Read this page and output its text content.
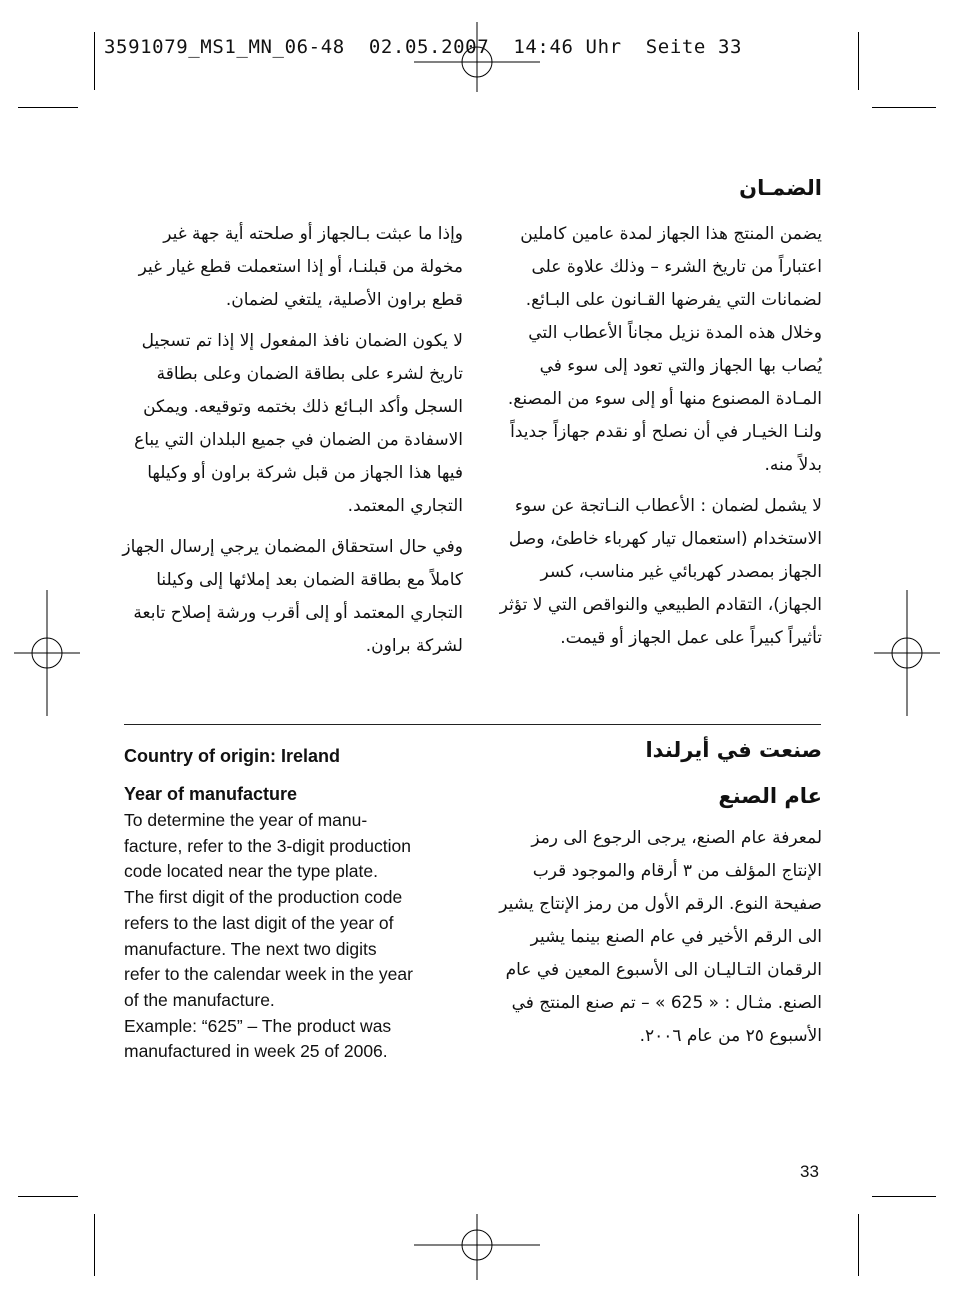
3591079_MS1_MN_06-48  02.05.2007  14:46 Uhr  Seite 33
الضمـان

يضمن المنتج هذا الجهاز لمدة عامين كاملين اعتباراً من تاريخ الشرء – وذلك علاوة على لضمانات التي يفرضها القـانون على البـائع. وخلال هذه المدة نزيل مجاناً الأعطاب التي يُصاب بها الجهاز والتي تعود إلى سوء في المـادة المصنوع منها أو إلى سوء من المصنع. ولنـا الخيـار في أن نصلح أو نقدم جهازاً جديداً بدلاً منه.

لا يشمل لضمان : الأعطاب النـاتجة عن سوء الاستخدام (استعمال تيار كهرباء خاطئ، وصل الجهاز بمصدر كهربائي غير مناسب، كسر الجهاز)، التقادم الطبيعي والنواقص التي لا تؤثر تأثيراً كبيراً على عمل الجهاز أو قيمت.

وإذا ما عبثت بـالجهاز أو صلحته أية جهة غير مخولة من قبلنـا، أو إذا استعملت قطع غيار غير قطع براون الأصلية، يلتغي لضمان.

لا يكون الضمان نافذ المفعول إلا إذا تم تسجيل تاريخ لشرء على بطاقة الضمان وعلى بطاقة السجل وأكد البـائع ذلك بختمه وتوقيعه. ويمكن الاسفادة من الضمان في جميع البلدان التي يباع فيها هذا الجهاز من قبل شركة براون أو وكيلها التجاري المعتمد.

وفي حال استحقاق المضمان يرجي إرسال الجهاز كاملاً مع بطاقة الضمان بعد إملائها إلى وكيلنا التجاري المعتمد أو إلى أقرب ورشة إصلاح تابعة لشركة براون.

صنعت في أيرلندا
عام الصنع

لمعرفة عام الصنع، يرجى الرجوع الى رمز الإنتاج المؤلف من ٣ أرقام والموجود قرب صفيحة النوع. الرقم الأول من رمز الإنتاج يشير الى الرقم الأخير في عام الصنع بينما يشير الرقمان التـاليـان الى الأسبوع المعين في عام الصنع. مثـال : « 625 » – تم صنع المنتج في الأسبوع ٢٥ من عام ٢٠٠٦.

Country of origin: Ireland

Year of manufacture

To determine the year of manu-
facture, refer to the 3-digit production
code located near the type plate.
The first digit of the production code
refers to the last digit of the year of
manufacture. The next two digits
refer to the calendar week in the year
of the manufacture.
Example: “625” – The product was
manufactured in week 25 of 2006.
33
